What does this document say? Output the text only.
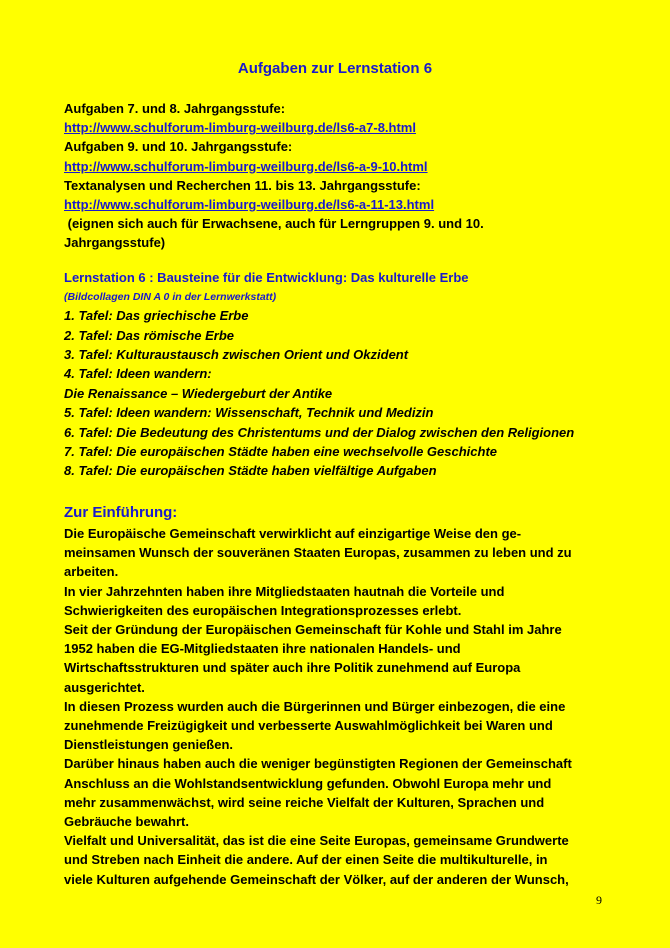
Aufgaben zur Lernstation 6
Aufgaben 7. und 8. Jahrgangsstufe:
http://www.schulforum-limburg-weilburg.de/ls6-a7-8.html
Aufgaben 9. und 10. Jahrgangsstufe:
http://www.schulforum-limburg-weilburg.de/ls6-a-9-10.html
Textanalysen und Recherchen 11. bis 13. Jahrgangsstufe:
http://www.schulforum-limburg-weilburg.de/ls6-a-11-13.html
(eignen sich auch für Erwachsene, auch für Lerngruppen 9. und 10.
Jahrgangsstufe)
Lernstation 6 : Bausteine für die Entwicklung: Das kulturelle Erbe
(Bildcollagen DIN A 0 in der Lernwerkstatt)
1. Tafel: Das griechische Erbe
2. Tafel: Das römische Erbe
3. Tafel: Kulturaustausch zwischen Orient und Okzident
4. Tafel: Ideen wandern:
Die Renaissance – Wiedergeburt der Antike
5. Tafel: Ideen wandern: Wissenschaft, Technik und Medizin
6. Tafel: Die Bedeutung des Christentums und der Dialog zwischen den Religionen
7. Tafel: Die europäischen Städte haben eine wechselvolle Geschichte
8. Tafel: Die europäischen Städte haben vielfältige Aufgaben
Zur Einführung:
Die Europäische Gemeinschaft verwirklicht auf einzigartige Weise den ge-
meinsamen Wunsch der souveränen Staaten Europas, zusammen zu leben und zu
arbeiten.
In vier Jahrzehnten haben ihre Mitgliedstaaten hautnah die Vorteile und
Schwierigkeiten des europäischen Integrationsprozesses erlebt.
Seit der Gründung der Europäischen Gemeinschaft für Kohle und Stahl im Jahre
1952 haben die EG-Mitgliedstaaten ihre nationalen Handels- und
Wirtschaftsstrukturen und später auch ihre Politik zunehmend auf Europa
ausgerichtet.
In diesen Prozess wurden auch die Bürgerinnen und Bürger einbezogen, die eine
zunehmende Freizügigkeit und verbesserte Auswahlmöglichkeit bei Waren und
Dienstleistungen genießen.
Darüber hinaus haben auch die weniger begünstigten Regionen der Gemeinschaft
Anschluss an die Wohlstandsentwicklung gefunden. Obwohl Europa mehr und
mehr zusammenwächst, wird seine reiche Vielfalt der Kulturen, Sprachen und
Gebräuche bewahrt.
Vielfalt und Universalität, das ist die eine Seite Europas, gemeinsame Grundwerte
und Streben nach Einheit die andere. Auf der einen Seite die multikulturelle, in
viele Kulturen aufgehende Gemeinschaft der Völker, auf der anderen der Wunsch,
9
